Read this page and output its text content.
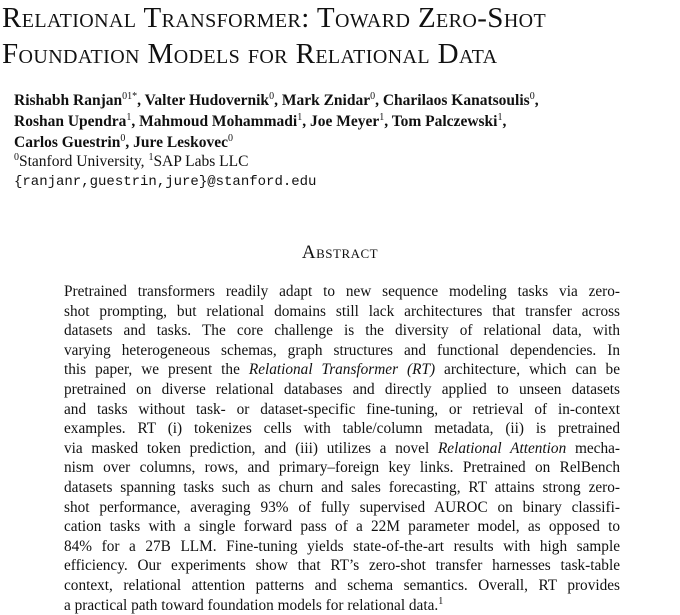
Relational Transformer: Toward Zero-Shot
Foundation Models for Relational Data
Rishabh Ranjan$^{01*}$, Valter Hudovernik$^0$, Mark Znidar$^0$, Charilaos Kanatsoulis$^0$,
Roshan Upendra$^1$, Mahmoud Mohammadi$^1$, Joe Meyer$^1$, Tom Palczewski$^1$,
Carlos Guestrin$^0$, Jure Leskovec$^0$
$^0$Stanford University, $^1$SAP Labs LLC
{ranjanr,guestrin,jure}@stanford.edu
Abstract
Pretrained transformers readily adapt to new sequence modeling tasks via zero-
shot prompting, but relational domains still lack architectures that transfer across
datasets and tasks. The core challenge is the diversity of relational data, with
varying heterogeneous schemas, graph structures and functional dependencies. In
this paper, we present the Relational Transformer (RT) architecture, which can be
pretrained on diverse relational databases and directly applied to unseen datasets
and tasks without task- or dataset-specific fine-tuning, or retrieval of in-context
examples. RT (i) tokenizes cells with table/column metadata, (ii) is pretrained
via masked token prediction, and (iii) utilizes a novel Relational Attention mecha-
nism over columns, rows, and primary–foreign key links. Pretrained on RelBench
datasets spanning tasks such as churn and sales forecasting, RT attains strong zero-
shot performance, averaging 93% of fully supervised AUROC on binary classifi-
cation tasks with a single forward pass of a 22M parameter model, as opposed to
84% for a 27B LLM. Fine-tuning yields state-of-the-art results with high sample
efficiency. Our experiments show that RT’s zero-shot transfer harnesses task-table
context, relational attention patterns and schema semantics. Overall, RT provides
a practical path toward foundation models for relational data.$^1$
